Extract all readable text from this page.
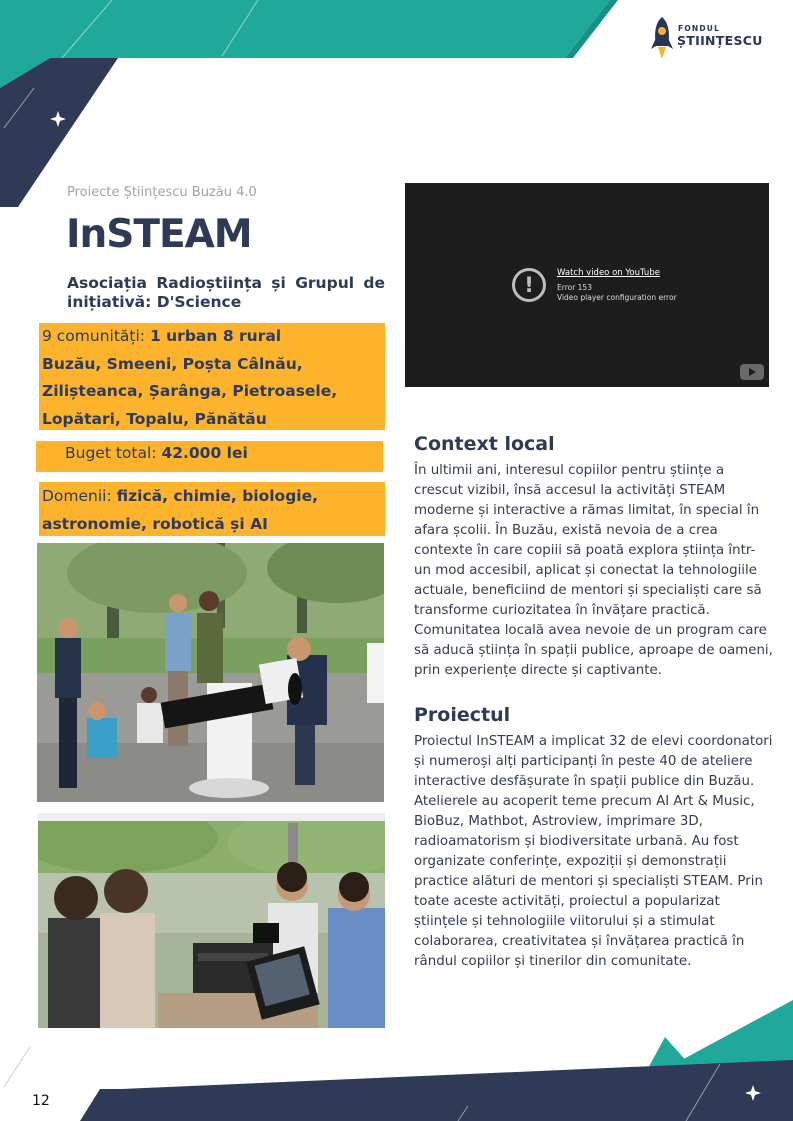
FONDUL
ȘTIINȚESCU
Proiecte Științescu Buzău 4.0
InSTEAM
Asociația Radioștiința și Grupul de inițiativă: D'Science
9 comunități: 1 urban 8 rural
Buzău, Smeeni, Poșta Câlnău,
Ziliștеanca, Șarânga, Pietroasele,
Lopătari, Topalu, Pănătău
Buget total: 42.000 lei
Domenii: fizică, chimie, biologie,
astronomie, robotică și AI
!	Watch video on YouTube
Error 153
Video player configuration error
Context local
În ultimii ani, interesul copiilor pentru științe a
crescut vizibil, însă accesul la activități STEAM
moderne și interactive a rămas limitat, în special în
afara școlii. În Buzău, există nevoia de a crea
contexte în care copiii să poată explora știința într-
un mod accesibil, aplicat și conectat la tehnologiile
actuale, beneficiind de mentori și specialiști care să
transforme curiozitatea în învățare practică.
Comunitatea locală avea nevoie de un program care
să aducă știința în spații publice, aproape de oameni,
prin experiențe directe și captivante.
Proiectul
Proiectul InSTEAM a implicat 32 de elevi coordonatori
și numeroși alți participanți în peste 40 de ateliere
interactive desfășurate în spații publice din Buzău.
Atelierele au acoperit teme precum AI Art & Music,
BioBuz, Mathbot, Astroview, imprimare 3D,
radioamatorism și biodiversitate urbană. Au fost
organizate conferințe, expoziții și demonstrații
practice alături de mentori și specialiști STEAM. Prin
toate aceste activități, proiectul a popularizat
științele și tehnologiile viitorului și a stimulat
colaborarea, creativitatea și învățarea practică în
rândul copiilor și tinerilor din comunitate.
12
